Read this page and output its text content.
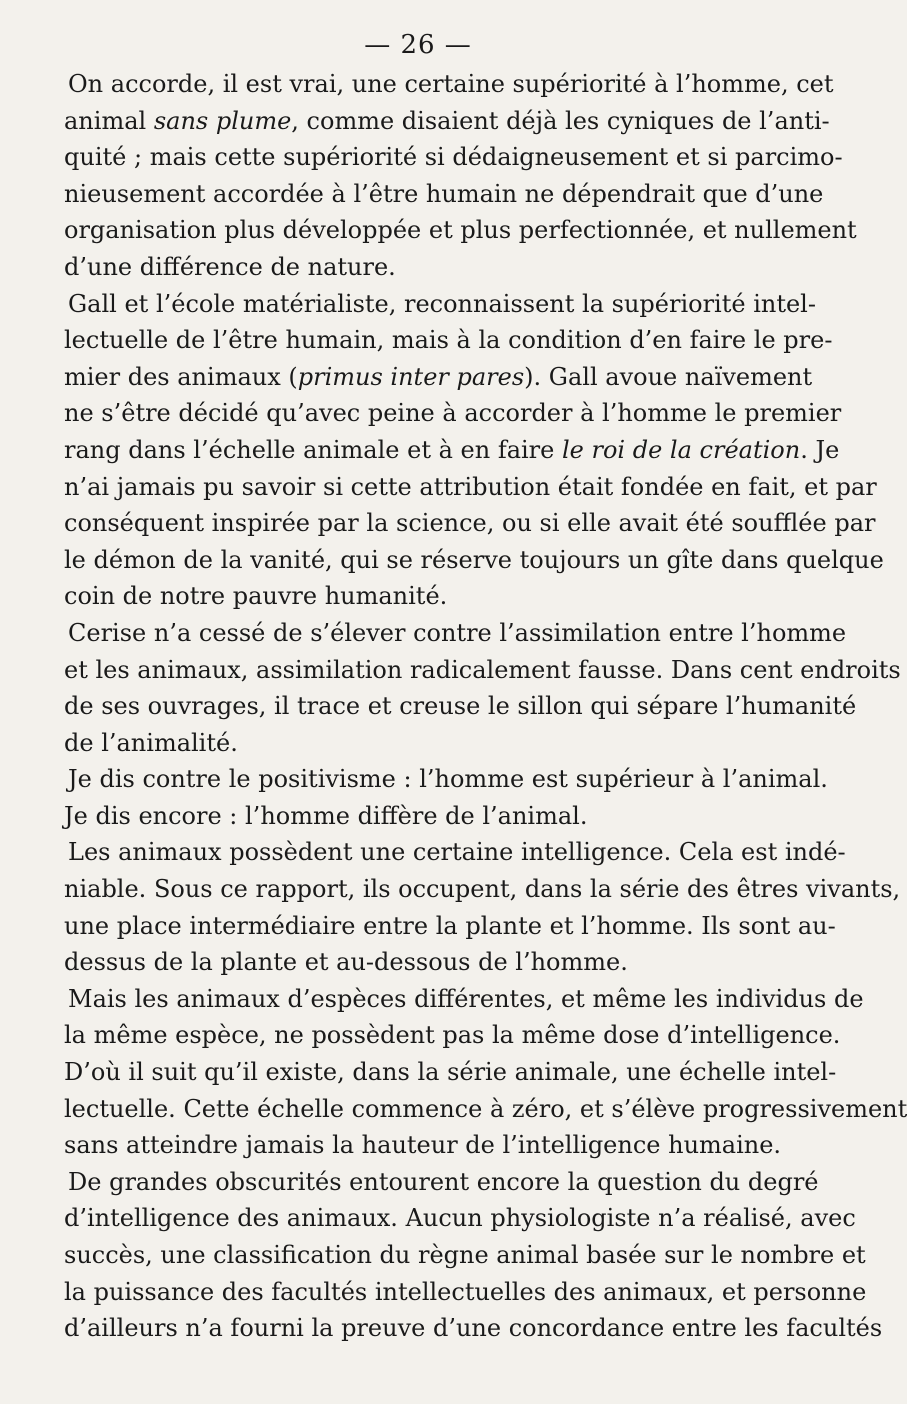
— 26 —
On accorde, il est vrai, une certaine supériorité à l’homme, cet
animal sans plume, comme disaient déjà les cyniques de l’anti-
quité ; mais cette supériorité si dédaigneusement et si parcimo-
nieusement accordée à l’être humain ne dépendrait que d’une
organisation plus développée et plus perfectionnée, et nullement
d’une différence de nature.
Gall et l’école matérialiste, reconnaissent la supériorité intel-
lectuelle de l’être humain, mais à la condition d’en faire le pre-
mier des animaux (primus inter pares). Gall avoue naïvement
ne s’être décidé qu’avec peine à accorder à l’homme le premier
rang dans l’échelle animale et à en faire le roi de la création. Je
n’ai jamais pu savoir si cette attribution était fondée en fait, et par
conséquent inspirée par la science, ou si elle avait été soufflée par
le démon de la vanité, qui se réserve toujours un gîte dans quelque
coin de notre pauvre humanité.
Cerise n’a cessé de s’élever contre l’assimilation entre l’homme
et les animaux, assimilation radicalement fausse. Dans cent endroits
de ses ouvrages, il trace et creuse le sillon qui sépare l’humanité
de l’animalité.
Je dis contre le positivisme : l’homme est supérieur à l’animal.
Je dis encore : l’homme diffère de l’animal.
Les animaux possèdent une certaine intelligence. Cela est indé-
niable. Sous ce rapport, ils occupent, dans la série des êtres vivants,
une place intermédiaire entre la plante et l’homme. Ils sont au-
dessus de la plante et au-dessous de l’homme.
Mais les animaux d’espèces différentes, et même les individus de
la même espèce, ne possèdent pas la même dose d’intelligence.
D’où il suit qu’il existe, dans la série animale, une échelle intel-
lectuelle. Cette échelle commence à zéro, et s’élève progressivement
sans atteindre jamais la hauteur de l’intelligence humaine.
De grandes obscurités entourent encore la question du degré
d’intelligence des animaux. Aucun physiologiste n’a réalisé, avec
succès, une classification du règne animal basée sur le nombre et
la puissance des facultés intellectuelles des animaux, et personne
d’ailleurs n’a fourni la preuve d’une concordance entre les facultés
